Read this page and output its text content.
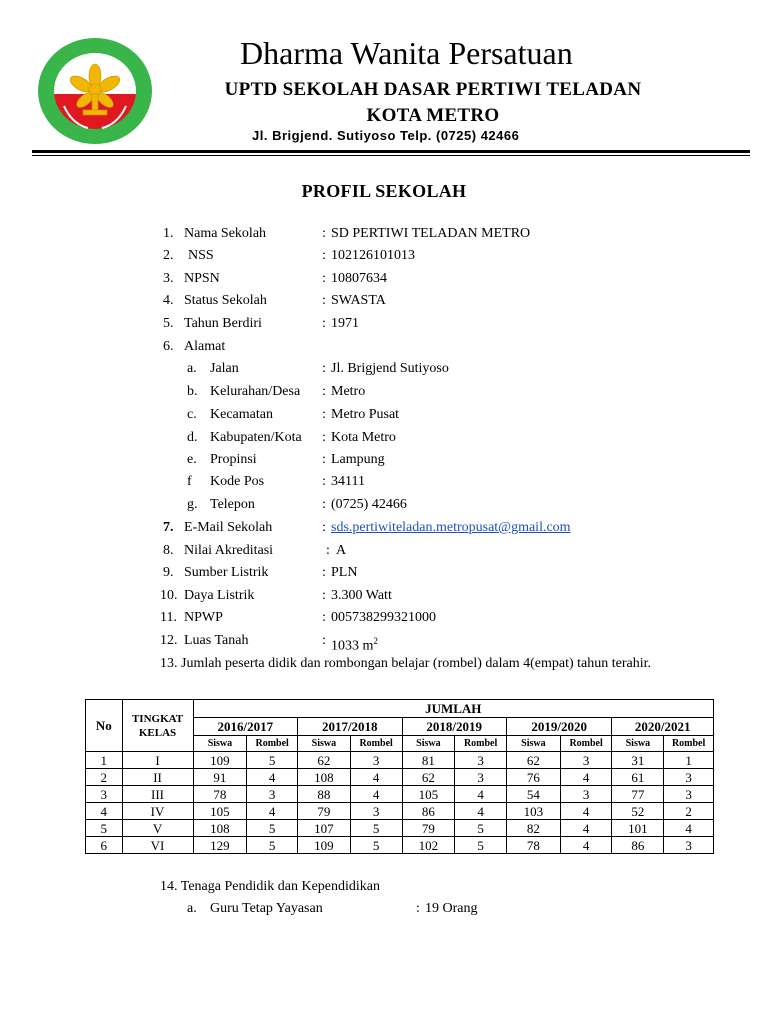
Dharma Wanita Persatuan
UPTD SEKOLAH DASAR PERTIWI TELADAN
KOTA METRO
Jl. Brigjend. Sutiyoso Telp. (0725) 42466
PROFIL SEKOLAH
1. Nama Sekolah	: SD PERTIWI TELADAN METRO
2. NSS	: 102126101013
3. NPSN	: 10807634
4. Status Sekolah	: SWASTA
5. Tahun Berdiri	: 1971
6. Alamat
a. Jalan	: Jl. Brigjend Sutiyoso
b. Kelurahan/Desa : Metro
c. Kecamatan	: Metro Pusat
d. Kabupaten/Kota : Kota Metro
e. Propinsi	: Lampung
f Kode Pos	: 34111
g. Telepon	: (0725) 42466
7. E-Mail Sekolah	: sds.pertiwiteladan.metropusat@gmail.com
8. Nilai Akreditasi	: A
9. Sumber Listrik	: PLN
10. Daya Listrik	: 3.300 Watt
11. NPWP	: 005738299321000
12. Luas Tanah	: 1033 $m^2$
13. Jumlah peserta didik dan rombongan belajar (rombel) dalam 4(empat) tahun terahir.
No	TINGKAT KELAS	JUMLAH									
		2016/2017		2017/2018		2018/2019		2019/2020		2020/2021	
		Siswa	Rombel	Siswa	Rombel	Siswa	Rombel	Siswa	Rombel	Siswa	Rombel
1	I	109	5	62	3	81	3	62	3	31	1
2	II	91	4	108	4	62	3	76	4	61	3
3	III	78	3	88	4	105	4	54	3	77	3
4	IV	105	4	79	3	86	4	103	4	52	2
5	V	108	5	107	5	79	5	82	4	101	4
6	VI	129	5	109	5	102	5	78	4	86	3
14. Tenaga Pendidik dan Kependidikan
a. Guru Tetap Yayasan	: 19 Orang
